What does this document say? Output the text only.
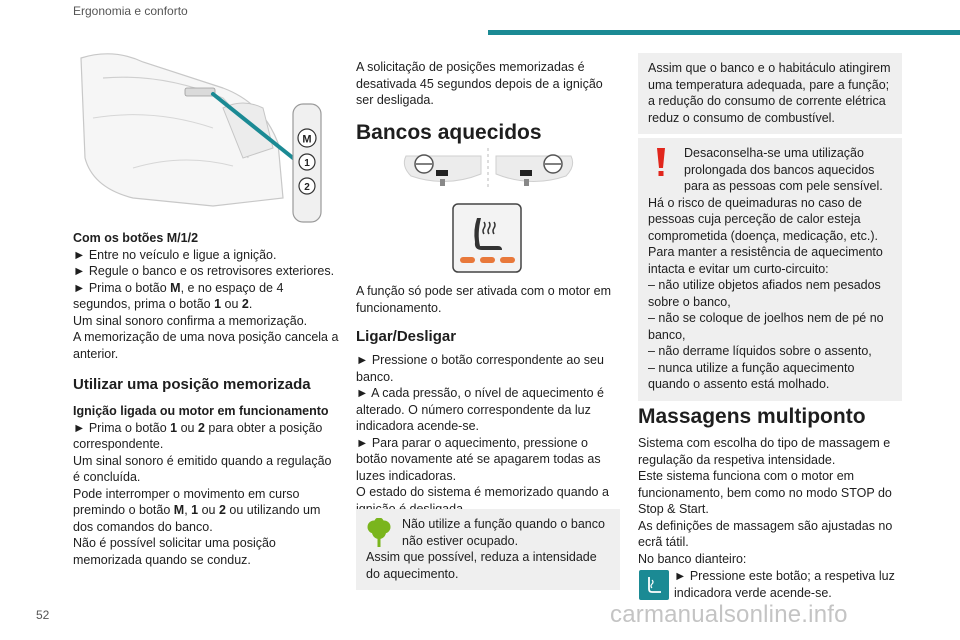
Ergonomia e conforto
M
1
2

Com os botões M/1/2

► Entre no veículo e ligue a ignição.

► Regule o banco e os retrovisores exteriores.

► Prima o botão M, e no espaço de 4 segundos, prima o botão 1 ou 2.

Um sinal sonoro confirma a memorização.

A memorização de uma nova posição cancela a anterior.

Utilizar uma posição memorizada

Ignição ligada ou motor em funcionamento

► Prima o botão 1 ou 2 para obter a posição correspondente.

Um sinal sonoro é emitido quando a regulação é concluída.

Pode interromper o movimento em curso premindo o botão M, 1 ou 2 ou utilizando um dos comandos do banco.

Não é possível solicitar uma posição memorizada quando se conduz.

A solicitação de posições memorizadas é desativada 45 segundos depois de a ignição ser desligada.

Bancos aquecidos

A função só pode ser ativada com o motor em funcionamento.

Ligar/Desligar

► Pressione o botão correspondente ao seu banco.

► A cada pressão, o nível de aquecimento é alterado. O número correspondente da luz indicadora acende-se.

► Para parar o aquecimento, pressione o botão novamente até se apagarem todas as luzes indicadoras.

O estado do sistema é memorizado quando a

Não utilize a função quando o banco não estiver ocupado.

Assim que possível, reduza a intensidade do aquecimento.

Assim que o banco e o habitáculo atingirem uma temperatura adequada, pare a função; a redução do consumo de corrente elétrica reduz o consumo de combustível.

Desaconselha-se uma utilização prolongada dos bancos aquecidos para as pessoas com pele sensível.

Há o risco de queimaduras no caso de pessoas cuja perceção de calor esteja comprometida (doença, medicação, etc.).

Para manter a resistência de aquecimento intacta e evitar um curto-circuito:

– não utilize objetos afiados nem pesados sobre o banco,

– não se coloque de joelhos nem de pé no banco,

– não derrame líquidos sobre o assento,

– nunca utilize a função aquecimento quando o assento está molhado.

Massagens multiponto

Sistema com escolha do tipo de massagem e regulação da respetiva intensidade.

Este sistema funciona com o motor em funcionamento, bem como no modo STOP do Stop & Start.

As definições de massagem são ajustadas no ecrã tátil.

No banco dianteiro:

► Pressione este botão; a respetiva luz indicadora verde acende-se.

52	carmanualsonline.info
